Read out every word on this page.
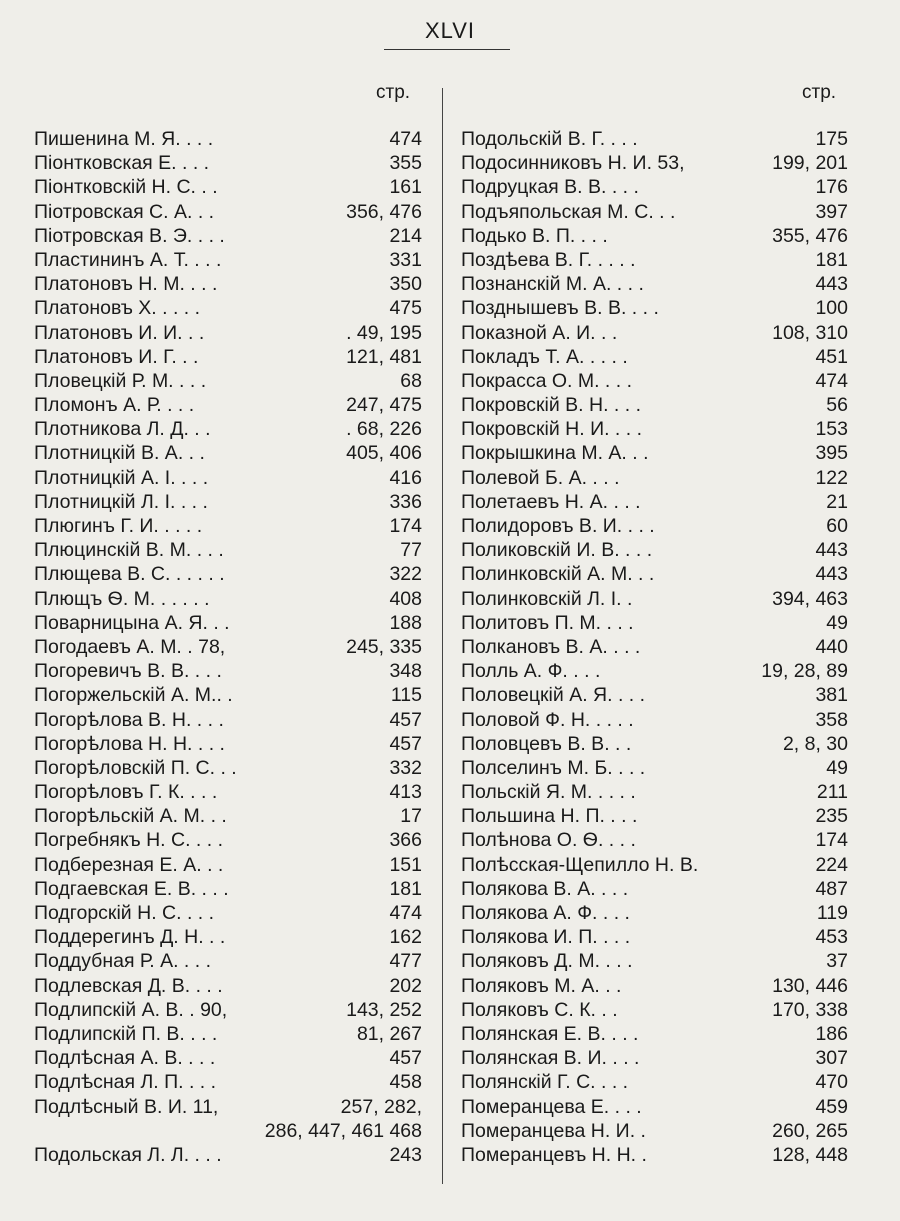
XLVI
стр.	стр.
Пишенина М. Я. . . .	474
Піонтковская Е. . . .	355
Піонтковскій Н. С. . .	161
Піотровская С. А. . .	356, 476
Піотровская В. Э. . . .	214
Пластининъ А. Т. . . .	331
Платоновъ Н. М. . . .	350
Платоновъ Х. . . . .	475
Платоновъ И. И. . .	. 49, 195
Платоновъ И. Г. . .	121, 481
Пловецкій Р. М. . . .	68
Пломонъ А. Р. . . .	247, 475
Плотникова Л. Д. . .	. 68, 226
Плотницкій В. А. . .	405, 406
Плотницкій А. І. . . .	416
Плотницкій Л. І. . . .	336
Плюгинъ Г. И. . . . .	174
Плюцинскій В. М. . . .	77
Плющева В. С. . . . . .	322
Плющъ Ѳ. М. . . . . .	408
Поварницына А. Я. . .	188
Погодаевъ А. М. . 78,	245, 335
Погоревичъ В. В. . . .	348
Погоржельскій А. М.. .	115
Погорѣлова В. Н. . . .	457
Погорѣлова Н. Н. . . .	457
Погорѣловскій П. С. . .	332
Погорѣловъ Г. К. . . .	413
Погорѣльскій А. М. . .	17
Погребнякъ Н. С. . . .	366
Подберезная Е. А. . .	151
Подгаевская Е. В. . . .	181
Подгорскій Н. С. . . .	474
Поддерегинъ Д. Н. . .	162
Поддубная Р. А. . . .	477
Подлевская Д. В. . . .	202
Подлипскій А. В. . 90,	143, 252
Подлипскій П. В. . . .	81, 267
Подлѣсная А. В. . . .	457
Подлѣсная Л. П. . . .	458
Подлѣсный В. И. 11,	257, 282,
286, 447, 461 468
Подольская Л. Л. . . .	243
Подольскій В. Г. . . .	175
Подосинниковъ Н. И. 53,	199, 201
Подруцкая В. В. . . .	176
Подъяпольская М. С. . .	397
Подько В. П. . . .	355, 476
Поздѣева В. Г. . . . .	181
Познанскій М. А. . . .	443
Позднышевъ В. В. . . .	100
Показной А. И. . .	108, 310
Покладъ Т. А. . . . .	451
Покрасса О. М. . . .	474
Покровскій В. Н. . . .	56
Покровскій Н. И. . . .	153
Покрышкина М. А. . .	395
Полевой Б. А. . . .	122
Полетаевъ Н. А. . . .	21
Полидоровъ В. И. . . .	60
Поликовскій И. В. . . .	443
Полинковскій А. М. . .	443
Полинковскій Л. І. .	394, 463
Политовъ П. М. . . .	49
Полкановъ В. А. . . .	440
Полль А. Ф. . . .	19, 28, 89
Половецкій А. Я. . . .	381
Половой Ф. Н. . . . .	358
Половцевъ В. В. . .	2, 8, 30
Полселинъ М. Б. . . .	49
Польскій Я. М. . . . .	211
Польшина Н. П. . . .	235
Полѣнова О. Ѳ. . . .	174
Полѣсская-Щепилло Н. В.	224
Полякова В. А. . . .	487
Полякова А. Ф. . . .	119
Полякова И. П. . . .	453
Поляковъ Д. М. . . .	37
Поляковъ М. А. . .	130, 446
Поляковъ С. К. . .	170, 338
Полянская Е. В. . . .	186
Полянская В. И. . . .	307
Полянскій Г. С. . . .	470
Померанцева Е. . . .	459
Померанцева Н. И. .	260, 265
Померанцевъ Н. Н. .	128, 448
